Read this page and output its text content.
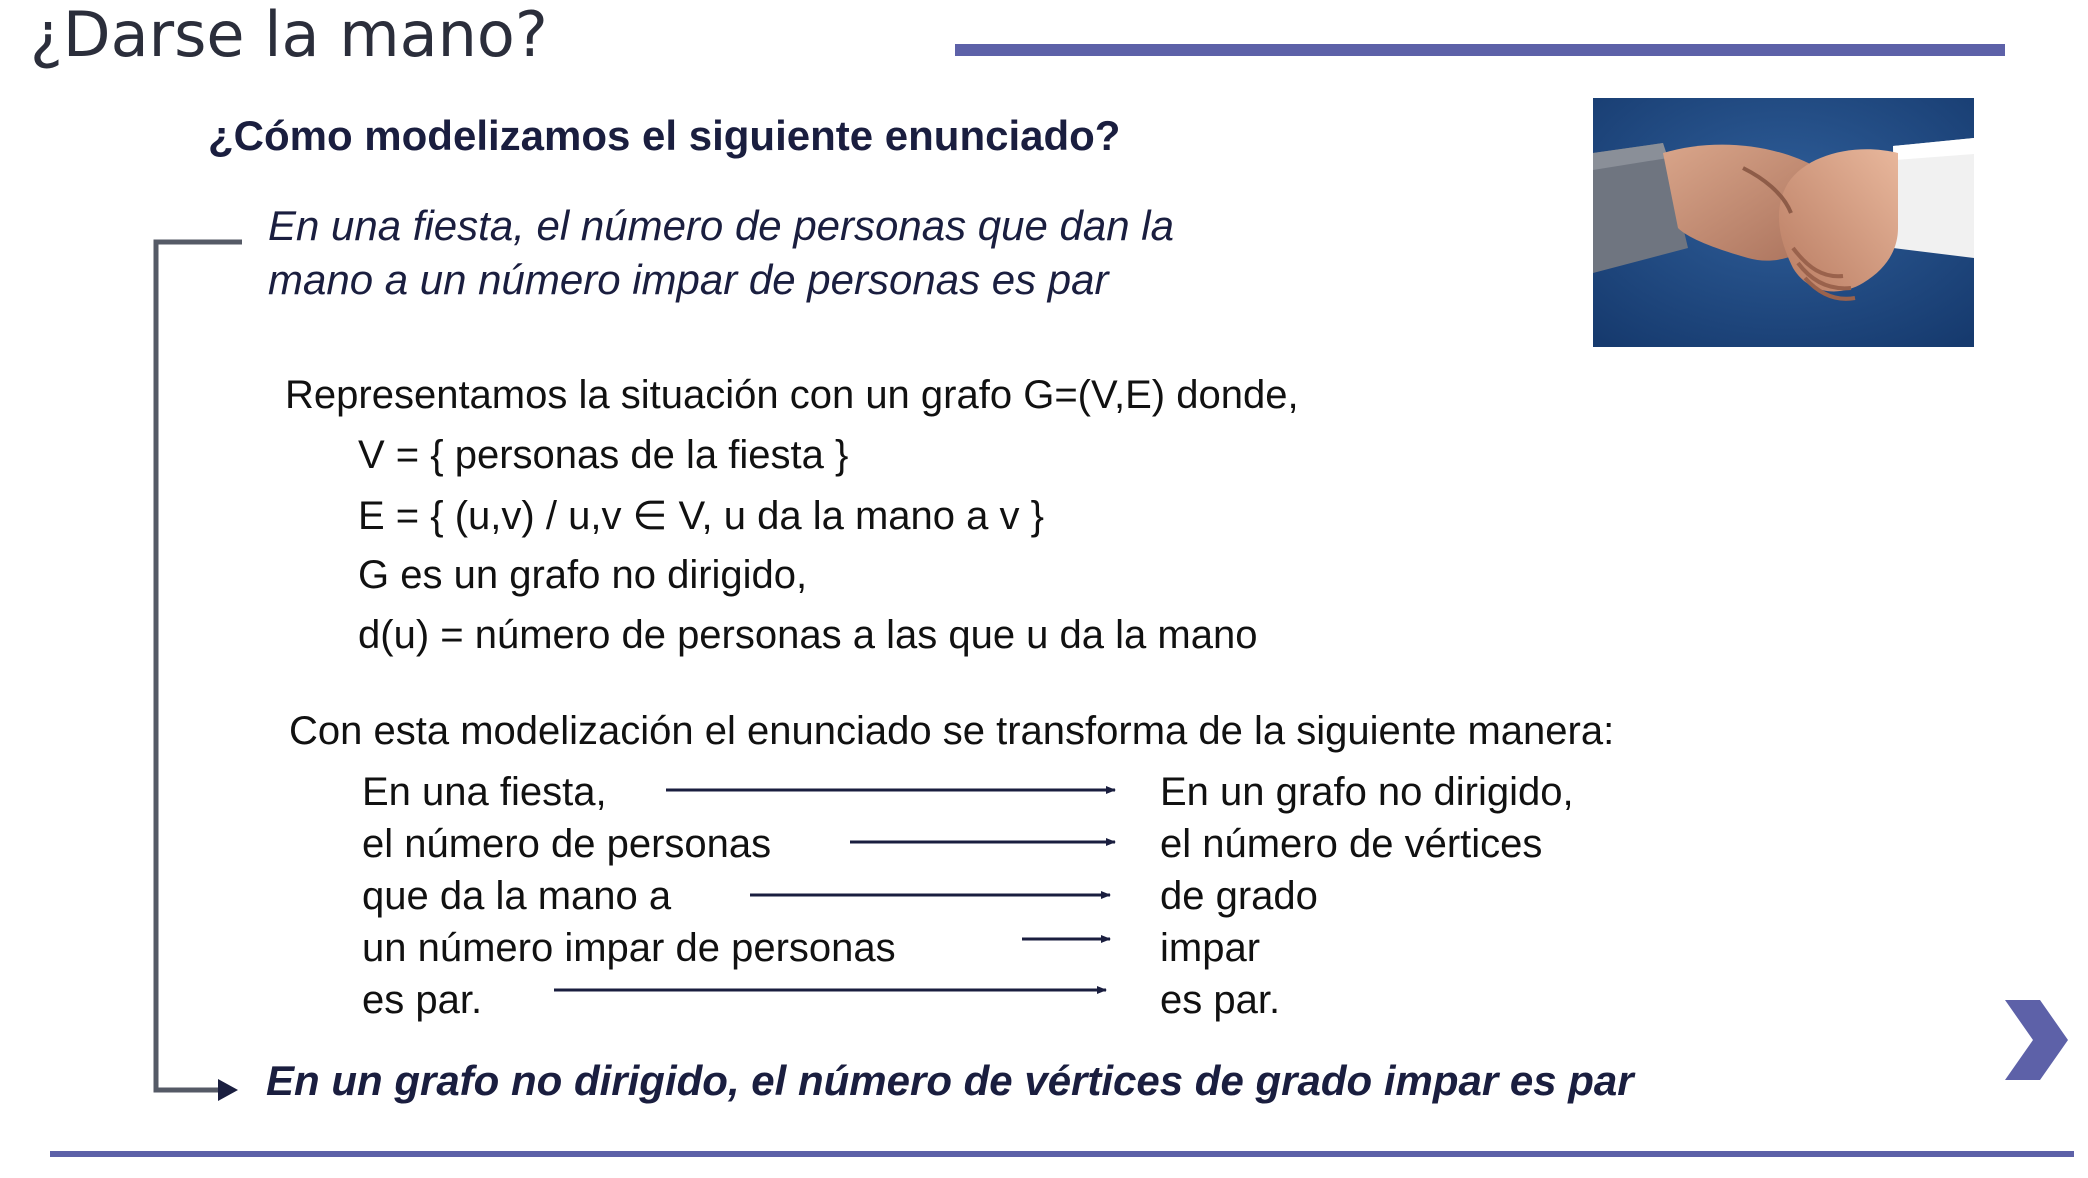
¿Darse la mano?
¿Cómo modelizamos el siguiente enunciado?
En una fiesta, el número de personas que dan la
mano a un número impar de personas es par
Representamos la situación con un grafo G=(V,E) donde,
V = { personas de la fiesta }
E = { (u,v) / u,v ∈ V, u da la mano a v }
G es un grafo no dirigido,
d(u) = número de personas a las que u da la mano
Con esta modelización el enunciado se transforma de la siguiente manera:
En una fiesta,
el número de personas
que da la mano a
un número impar de personas
es par.
En un grafo no dirigido,
el número de vértices
de grado
impar
es par.
En un grafo no dirigido, el número de vértices de grado impar es par
